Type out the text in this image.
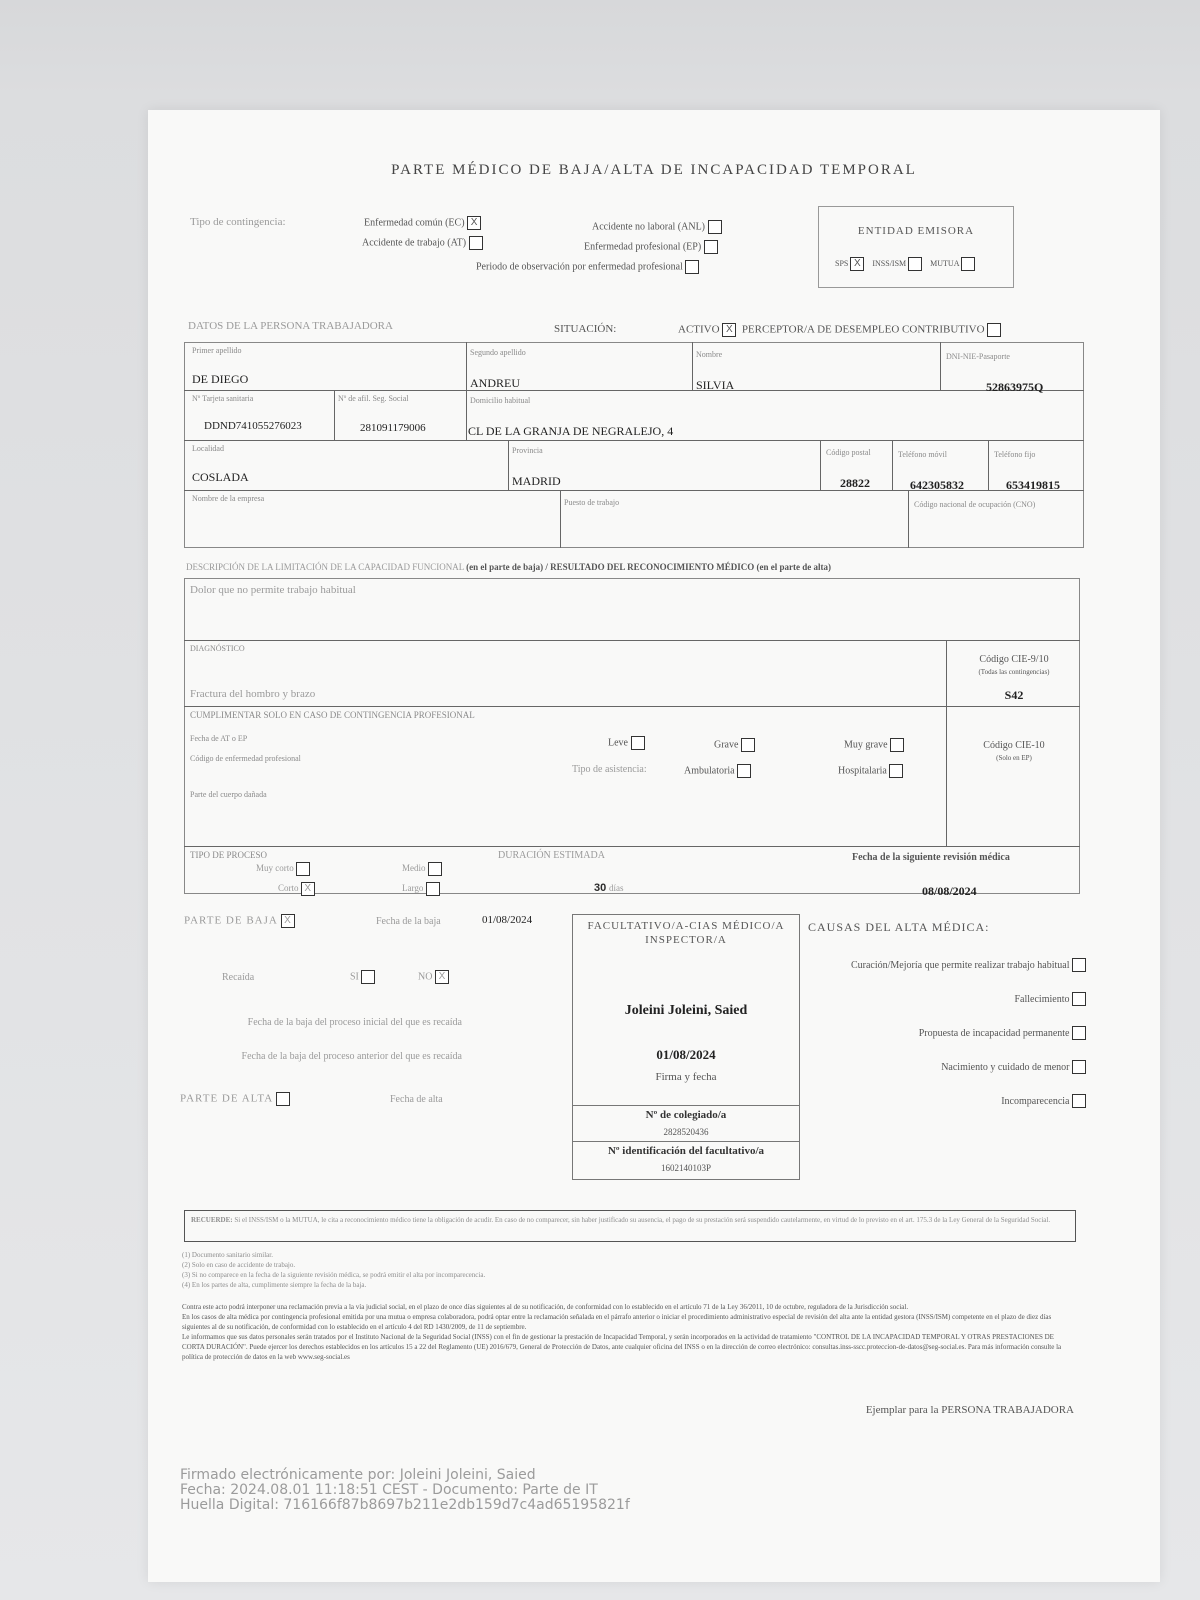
PARTE MÉDICO DE BAJA/ALTA DE INCAPACIDAD TEMPORAL
Tipo de contingencia:	Enfermedad común (EC) X
Accidente de trabajo (AT)
Accidente no laboral (ANL)
Enfermedad profesional (EP)
Periodo de observación por enfermedad profesional
ENTIDAD EMISORA
SPS X INSS/ISM	MUTUA
DATOS DE LA PERSONA TRABAJADORA	SITUACIÓN:	ACTIVO X PERCEPTOR/A DE DESEMPLEO CONTRIBUTIVO
Primer apellido
DE DIEGO
Segundo apellido
ANDREU
Nombre
SILVIA
DNI-NIE-Pasaporte
52863975Q
Nº Tarjeta sanitaria
DDND741055276023
Nº de afil. Seg. Social
281091179006
Domicilio habitual
CL DE LA GRANJA DE NEGRALEJO, 4
Localidad
COSLADA
Provincia
MADRID
Código postal
28822
Teléfono móvil
642305832
Teléfono fijo
653419815
Nombre de la empresa	Puesto de trabajo	Código nacional de ocupación (CNO)
DESCRIPCIÓN DE LA LIMITACIÓN DE LA CAPACIDAD FUNCIONAL (en el parte de baja) / RESULTADO DEL RECONOCIMIENTO MÉDICO (en el parte de alta)
Dolor que no permite trabajo habitual
DIAGNÓSTICO
Fractura del hombro y brazo
Código CIE-9/10
(Todas las contingencias)
S42
CUMPLIMENTAR SOLO EN CASO DE CONTINGENCIA PROFESIONAL
Fecha de AT o EP
Código de enfermedad profesional
Parte del cuerpo dañada
Leve	Grave	Muy grave
Tipo de asistencia:	Ambulatoria	Hospitalaria
Código CIE-10
(Solo en EP)
TIPO DE PROCESO
Muy corto
Corto X
Medio
Largo
DURACIÓN ESTIMADA
30 días
Fecha de la siguiente revisión médica
08/08/2024
PARTE DE BAJA X	Fecha de la baja	01/08/2024
Recaída	SI	NO X
Fecha de la baja del proceso inicial del que es recaída
Fecha de la baja del proceso anterior del que es recaída
PARTE DE ALTA	Fecha de alta
FACULTATIVO/A-CIAS MÉDICO/A INSPECTOR/A
Joleini Joleini, Saied
01/08/2024
Firma y fecha
Nº de colegiado/a
2828520436
Nº identificación del facultativo/a
1602140103P
CAUSAS DEL ALTA MÉDICA:
Curación/Mejoría que permite realizar trabajo habitual

Fallecimiento

Propuesta de incapacidad permanente

Nacimiento y cuidado de menor

Incomparecencia

RECUERDE: Si el INSS/ISM o la MUTUA, le cita a reconocimiento médico tiene la obligación de acudir. En caso de no comparecer, sin haber justificado su ausencia, el pago de su prestación será suspendido cautelarmente, en virtud de lo previsto en el art. 175.3 de la Ley General de la Seguridad Social.
(1) Documento sanitario similar.
(2) Solo en caso de accidente de trabajo.
(3) Si no comparece en la fecha de la siguiente revisión médica, se podrá emitir el alta por incomparecencia.
(4) En los partes de alta, cumplimente siempre la fecha de la baja.
Contra este acto podrá interponer una reclamación previa a la vía judicial social, en el plazo de once días siguientes al de su notificación, de conformidad con lo establecido en el artículo 71 de la Ley 36/2011, 10 de octubre, reguladora de la Jurisdicción social.
En los casos de alta médica por contingencia profesional emitida por una mutua o empresa colaboradora, podrá optar entre la reclamación señalada en el párrafo anterior o iniciar el procedimiento administrativo especial de revisión del alta ante la entidad gestora (INSS/ISM) competente en el plazo de diez días siguientes al de su notificación, de conformidad con lo establecido en el artículo 4 del RD 1430/2009, de 11 de septiembre.
Le informamos que sus datos personales serán tratados por el Instituto Nacional de la Seguridad Social (INSS) con el fin de gestionar la prestación de Incapacidad Temporal, y serán incorporados en la actividad de tratamiento "CONTROL DE LA INCAPACIDAD TEMPORAL Y OTRAS PRESTACIONES DE CORTA DURACIÓN". Puede ejercer los derechos establecidos en los artículos 15 a 22 del Reglamento (UE) 2016/679, General de Protección de Datos, ante cualquier oficina del INSS o en la dirección de correo electrónico: consultas.inss-sscc.proteccion-de-datos@seg-social.es. Para más información consulte la política de protección de datos en la web www.seg-social.es
Ejemplar para la PERSONA TRABAJADORA
Firmado electrónicamente por: Joleini Joleini, Saied
Fecha: 2024.08.01 11:18:51 CEST - Documento: Parte de IT
Huella Digital: 716166f87b8697b211e2db159d7c4ad65195821f
